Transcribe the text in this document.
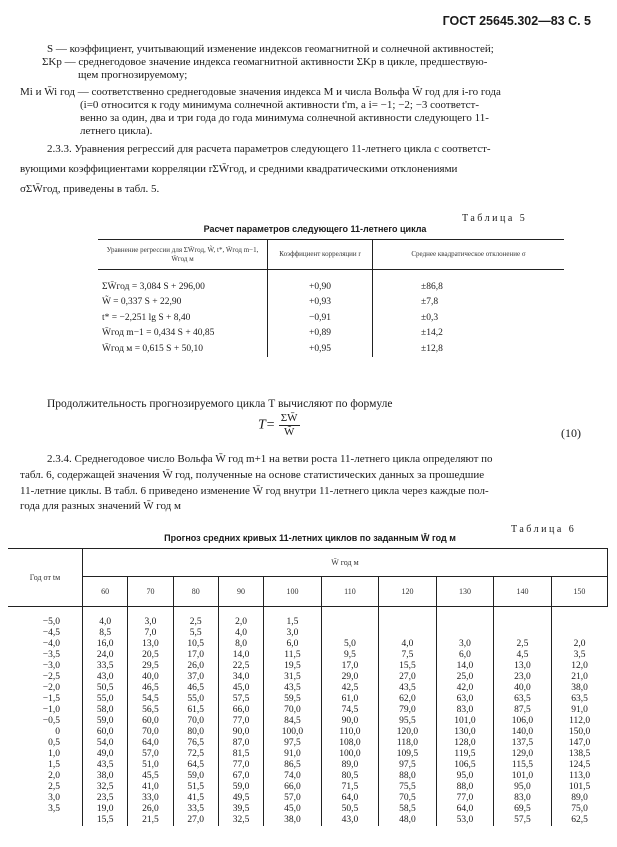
ГОСТ 25645.302—83 С. 5
S — коэффициент, учитывающий изменение индексов геомагнитной и солнечной активностей;
ΣKp — среднегодовое значение индекса геомагнитной активности ΣKp в цикле, предшествую-
щем прогнозируемому;
Mi и W̄i год — соответственно среднегодовые значения индекса M и числа Вольфа W̄ год для i-го года
(i=0 относится к году минимума солнечной активности t'm, а i= −1; −2; −3 соответст-
венно за один, два и три года до года минимума солнечной активности следующего 11-
летнего цикла).
2.3.3. Уравнения регрессий для расчета параметров следующего 11-летнего цикла с соответст-
вующими коэффициентами корреляции rΣW̄год, и средними квадратическими отклонениями
σΣW̄год, приведены в табл. 5.
Таблица 5
Расчет параметров следующего 11-летнего цикла
Уравнение регрессии для ΣW̄год, W̃, t*, W̄год m−1, W̄год м	Коэффициент корреляции r	Среднее квадратическое отклонение σ
ΣW̄год = 3,084 S + 296,00	+0,90	±86,8
W̃ = 0,337 S + 22,90	+0,93	±7,8
t* = −2,251 lg S + 8,40	−0,91	±0,3
W̄год m−1 = 0,434 S + 40,85	+0,89	±14,2
W̄год м = 0,615 S + 50,10	+0,95	±12,8
Продолжительность прогнозируемого цикла T вычисляют по формуле
$T= \frac{\Sigma W̄}{W̃}$	(10)
2.3.4. Среднегодовое число Вольфа W̄ год m+1 на ветви роста 11-летнего цикла определяют по
табл. 6, содержащей значения W̄ год, полученные на основе статистических данных за прошедшие
11-летние циклы. В табл. 6 приведено изменение W̄ год внутри 11-летнего цикла через каждые пол-
года для разных значений W̄ год м
Таблица 6
Прогноз средних кривых 11-летних циклов по заданным W̄ год м
Год от tм	W̄ год м									
	60	70	80	90	100	110	120	130	140	150
−5,0	4,0	3,0	2,5	2,0	1,5					
−4,5	8,5	7,0	5,5	4,0	3,0					
−4,0	16,0	13,0	10,5	8,0	6,0	5,0	4,0	3,0	2,5	2,0
−3,5	24,0	20,5	17,0	14,0	11,5	9,5	7,5	6,0	4,5	3,5
−3,0	33,5	29,5	26,0	22,5	19,5	17,0	15,5	14,0	13,0	12,0
−2,5	43,0	40,0	37,0	34,0	31,5	29,0	27,0	25,0	23,0	21,0
−2,0	50,5	46,5	46,5	45,0	43,5	42,5	43,5	42,0	40,0	38,0
−1,5	55,0	54,5	55,0	57,5	59,5	61,0	62,0	63,0	63,5	63,5
−1,0	58,0	56,5	61,5	66,0	70,0	74,5	79,0	83,0	87,5	91,0
−0,5	59,0	60,0	70,0	77,0	84,5	90,0	95,5	101,0	106,0	112,0
0	60,0	70,0	80,0	90,0	100,0	110,0	120,0	130,0	140,0	150,0
0,5	54,0	64,0	76,5	87,0	97,5	108,0	118,0	128,0	137,5	147,0
1,0	49,0	57,0	72,5	81,5	91,0	100,0	109,5	119,5	129,0	138,5
1,5	43,5	51,0	64,5	77,0	86,5	89,0	97,5	106,5	115,5	124,5
2,0	38,0	45,5	59,0	67,0	74,0	80,5	88,0	95,0	101,0	113,0
2,5	32,5	41,0	51,5	59,0	66,0	71,5	75,5	88,0	95,0	101,5
3,0	23,5	33,0	41,5	49,5	57,0	64,0	70,5	77,0	83,0	89,0
3,5	19,0	26,0	33,5	39,5	45,0	50,5	58,5	64,0	69,5	75,0
	15,5	21,5	27,0	32,5	38,0	43,0	48,0	53,0	57,5	62,5
